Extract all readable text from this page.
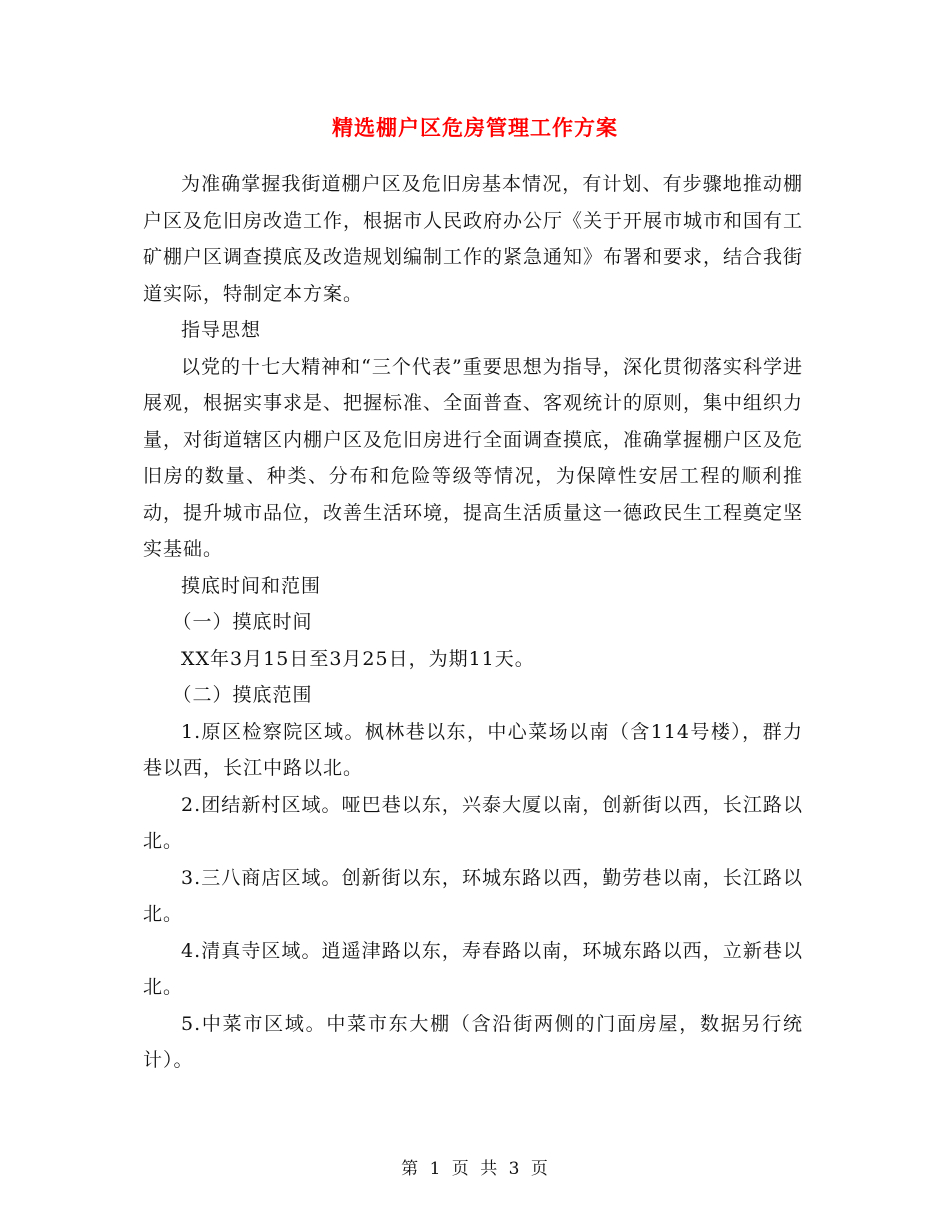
精选棚户区危房管理工作方案

为准确掌握我街道棚户区及危旧房基本情况，有计划、有步骤地推动棚户区及危旧房改造工作，根据市人民政府办公厅《关于开展市城市和国有工矿棚户区调查摸底及改造规划编制工作的紧急通知》布署和要求，结合我街道实际，特制定本方案。

指导思想

以党的十七大精神和“三个代表”重要思想为指导，深化贯彻落实科学进展观，根据实事求是、把握标准、全面普查、客观统计的原则，集中组织力量，对街道辖区内棚户区及危旧房进行全面调查摸底，准确掌握棚户区及危旧房的数量、种类、分布和危险等级等情况，为保障性安居工程的顺利推动，提升城市品位，改善生活环境，提高生活质量这一德政民生工程奠定坚实基础。

摸底时间和范围

（一）摸底时间

XX年3月15日至3月25日，为期11天。

（二）摸底范围

1.原区检察院区域。枫林巷以东，中心菜场以南（含114号楼），群力巷以西，长江中路以北。

2.团结新村区域。哑巴巷以东，兴泰大厦以南，创新街以西，长江路以北。

3.三八商店区域。创新街以东，环城东路以西，勤劳巷以南，长江路以北。

4.清真寺区域。逍遥津路以东，寿春路以南，环城东路以西，立新巷以北。

5.中菜市区域。中菜市东大棚（含沿街两侧的门面房屋，数据另行统计）。

第 1 页 共 3 页
